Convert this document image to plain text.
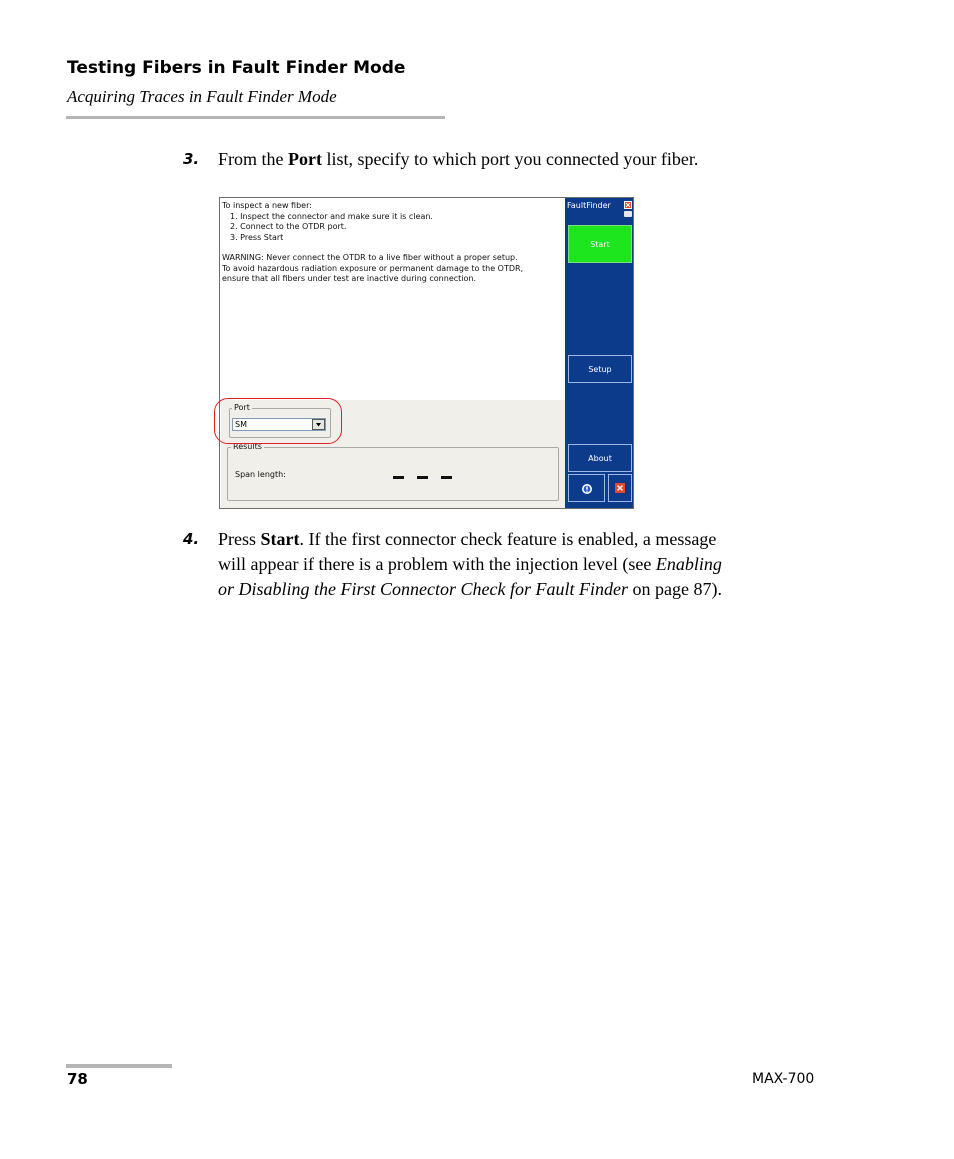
Testing Fibers in Fault Finder Mode
Acquiring Traces in Fault Finder Mode
3. From the Port list, specify to which port you connected your fiber.
To inspect a new fiber:
1. Inspect the connector and make sure it is clean.
2. Connect to the OTDR port.
3. Press Start
WARNING: Never connect the OTDR to a live fiber without a proper setup.
To avoid hazardous radiation exposure or permanent damage to the OTDR,
ensure that all fibers under test are inactive during connection.
Port
SM
Results
Span length:
FaultFinder
Start
Setup
About
4. Press Start. If the first connector check feature is enabled, a message
will appear if there is a problem with the injection level (see Enabling
or Disabling the First Connector Check for Fault Finder on page 87).
78	MAX-700
